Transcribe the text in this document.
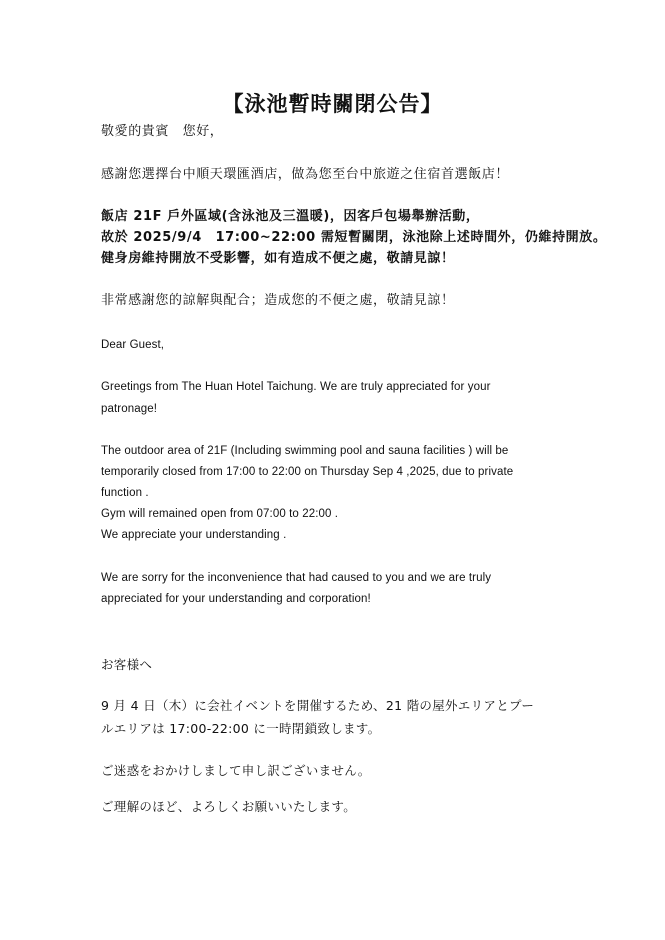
【泳池暫時關閉公告】

敬愛的貴賓　您好，

感謝您選擇台中順天環匯酒店，做為您至台中旅遊之住宿首選飯店！

飯店 21F 戶外區域(含泳池及三溫暖)，因客戶包場舉辦活動，

故於 2025/9/4　17:00~22:00 需短暫關閉，泳池除上述時間外，仍維持開放。

健身房維持開放不受影響，如有造成不便之處，敬請見諒！

非常感謝您的諒解與配合；造成您的不便之處，敬請見諒！

Dear Guest,

Greetings from The Huan Hotel Taichung. We are truly appreciated for your

patronage!

The outdoor area of 21F (Including swimming pool and sauna facilities ) will be

temporarily closed from 17:00 to 22:00 on Thursday Sep 4 ,2025, due to private

function .

Gym will remained open from 07:00 to 22:00 .

We appreciate your understanding .

We are sorry for the inconvenience that had caused to you and we are truly

appreciated for your understanding and corporation!

お客様へ

9 月 4 日（木）に会社イベントを開催するため、21 階の屋外エリアとプー

ルエリアは 17:00-22:00 に一時閉鎖致します。

ご迷惑をおかけしまして申し訳ございません。

ご理解のほど、よろしくお願いいたします。
